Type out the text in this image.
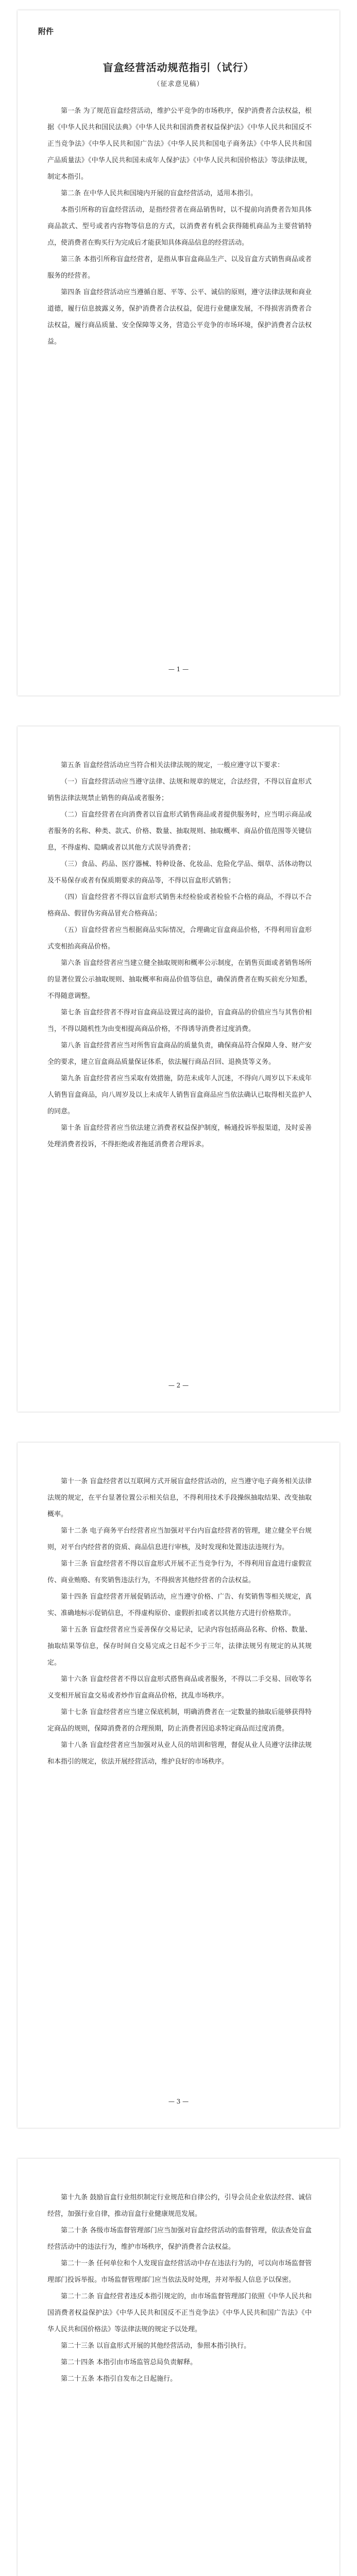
附件
盲盒经营活动规范指引（试行）
（征求意见稿）

第一条 为了规范盲盒经营活动，维护公平竞争的市场秩序，保护消费者合法权益，根据《中华人民共和国民法典》《中华人民共和国消费者权益保护法》《中华人民共和国反不正当竞争法》《中华人民共和国广告法》《中华人民共和国电子商务法》《中华人民共和国产品质量法》《中华人民共和国未成年人保护法》《中华人民共和国价格法》等法律法规，制定本指引。

第二条 在中华人民共和国境内开展的盲盒经营活动，适用本指引。

本指引所称的盲盒经营活动，是指经营者在商品销售时，以不提前向消费者告知具体商品款式、型号或者内容物等信息的方式，以消费者有机会获得随机商品为主要营销特点，使消费者在购买行为完成后才能获知具体商品信息的经营活动。

第三条 本指引所称盲盒经营者，是指从事盲盒商品生产、以及盲盒方式销售商品或者服务的经营者。

第四条 盲盒经营活动应当遵循自愿、平等、公平、诚信的原则，遵守法律法规和商业道德，履行信息披露义务，保护消费者合法权益，促进行业健康发展，不得损害消费者合法权益，履行商品质量、安全保障等义务，营造公平竞争的市场环境，保护消费者合法权益。

— 1 —

第五条 盲盒经营活动应当符合相关法律法规的规定，一般应遵守以下要求：

（一）盲盒经营活动应当遵守法律、法规和规章的规定，合法经营，不得以盲盒形式销售法律法规禁止销售的商品或者服务；

（二）盲盒经营者在向消费者以盲盒形式销售商品或者提供服务时，应当明示商品或者服务的名称、种类、款式、价格、数量、抽取规则、抽取概率、商品价值范围等关键信息，不得虚构、隐瞒或者以其他方式误导消费者；

（三）食品、药品、医疗器械、特种设备、化妆品、危险化学品、烟草、活体动物以及不易保存或者有保质期要求的商品等，不得以盲盒形式销售；

（四）盲盒经营者不得以盲盒形式销售未经检验或者检验不合格的商品，不得以不合格商品、假冒伪劣商品冒充合格商品；

（五）盲盒经营者应当根据商品实际情况，合理确定盲盒商品价格，不得利用盲盒形式变相抬高商品价格。

第六条 盲盒经营者应当建立健全抽取规则和概率公示制度，在销售页面或者销售场所的显著位置公示抽取规则、抽取概率和商品价值等信息，确保消费者在购买前充分知悉，不得随意调整。

第七条 盲盒经营者不得对盲盒商品设置过高的溢价，盲盒商品的价值应当与其售价相当，不得以随机性为由变相提高商品价格，不得诱导消费者过度消费。

第八条 盲盒经营者应当对所售盲盒商品的质量负责，确保商品符合保障人身、财产安全的要求，建立盲盒商品质量保证体系，依法履行商品召回、退换货等义务。

第九条 盲盒经营者应当采取有效措施，防范未成年人沉迷，不得向八周岁以下未成年人销售盲盒商品，向八周岁及以上未成年人销售盲盒商品应当依法确认已取得相关监护人的同意。

第十条 盲盒经营者应当依法建立消费者权益保护制度，畅通投诉举报渠道，及时妥善处理消费者投诉，不得拒绝或者拖延消费者合理诉求。

— 2 —

第十一条 盲盒经营者以互联网方式开展盲盒经营活动的，应当遵守电子商务相关法律法规的规定，在平台显著位置公示相关信息，不得利用技术手段操纵抽取结果、改变抽取概率。

第十二条 电子商务平台经营者应当加强对平台内盲盒经营者的管理，建立健全平台规则，对平台内经营者的资质、商品信息进行审核，及时发现和处置违法违规行为。

第十三条 盲盒经营者不得以盲盒形式开展不正当竞争行为，不得利用盲盒进行虚假宣传、商业贿赂、有奖销售违法行为，不得损害其他经营者的合法权益。

第十四条 盲盒经营者开展促销活动，应当遵守价格、广告、有奖销售等相关规定，真实、准确地标示促销信息，不得虚构原价、虚假折扣或者以其他方式进行价格欺诈。

第十五条 盲盒经营者应当妥善保存交易记录，记录内容包括商品名称、价格、数量、抽取结果等信息，保存时间自交易完成之日起不少于三年，法律法规另有规定的从其规定。

第十六条 盲盒经营者不得以盲盒形式搭售商品或者服务，不得以二手交易、回收等名义变相开展盲盒交易或者炒作盲盒商品价格，扰乱市场秩序。

第十七条 盲盒经营者应当建立保底机制，明确消费者在一定数量的抽取后能够获得特定商品的规则，保障消费者的合理预期，防止消费者因追求特定商品而过度消费。

第十八条 盲盒经营者应当加强对从业人员的培训和管理，督促从业人员遵守法律法规和本指引的规定，依法开展经营活动，维护良好的市场秩序。

— 3 —

第十九条 鼓励盲盒行业组织制定行业规范和自律公约，引导会员企业依法经营、诚信经营，加强行业自律，推动盲盒行业健康规范发展。

第二十条 各级市场监督管理部门应当加强对盲盒经营活动的监督管理，依法查处盲盒经营活动中的违法行为，维护市场秩序，保护消费者合法权益。

第二十一条 任何单位和个人发现盲盒经营活动中存在违法行为的，可以向市场监督管理部门投诉举报。市场监督管理部门应当依法及时处理，并对举报人信息予以保密。

第二十二条 盲盒经营者违反本指引规定的，由市场监督管理部门依照《中华人民共和国消费者权益保护法》《中华人民共和国反不正当竞争法》《中华人民共和国广告法》《中华人民共和国价格法》等法律法规的规定予以处理。

第二十三条 以盲盒形式开展的其他经营活动，参照本指引执行。

第二十四条 本指引由市场监管总局负责解释。

第二十五条 本指引自发布之日起施行。
